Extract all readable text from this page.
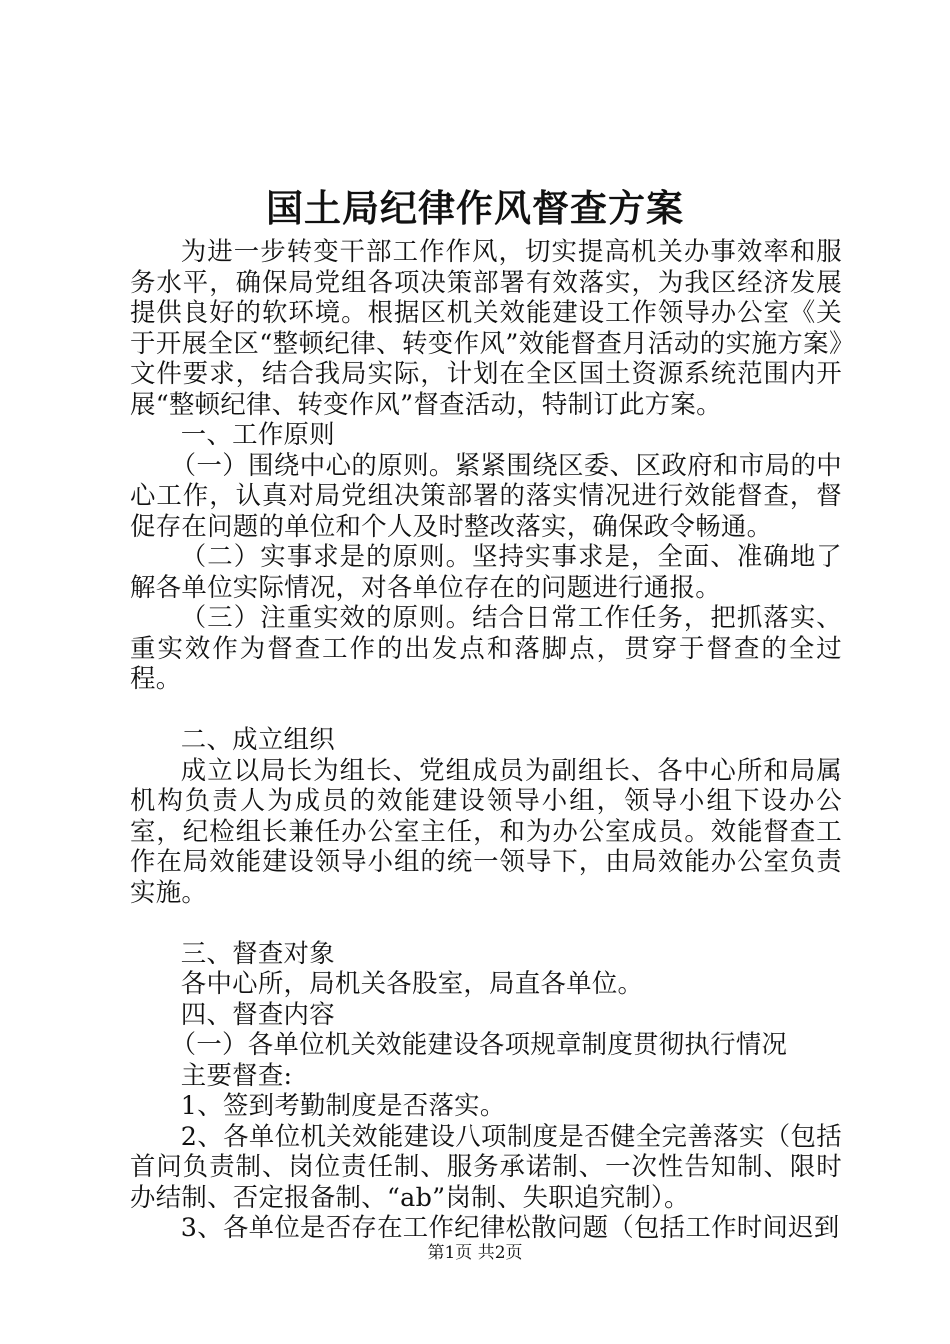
国土局纪律作风督查方案

为进一步转变干部工作作风，切实提高机关办事效率和服务水平，确保局党组各项决策部署有效落实，为我区经济发展提供良好的软环境。根据区机关效能建设工作领导办公室《关于开展全区“整顿纪律、转变作风”效能督查月活动的实施方案》文件要求，结合我局实际，计划在全区国土资源系统范围内开展“整顿纪律、转变作风”督查活动，特制订此方案。

一、工作原则

（一）围绕中心的原则。紧紧围绕区委、区政府和市局的中心工作，认真对局党组决策部署的落实情况进行效能督查，督促存在问题的单位和个人及时整改落实，确保政令畅通。

（二）实事求是的原则。坚持实事求是，全面、准确地了解各单位实际情况，对各单位存在的问题进行通报。

（三）注重实效的原则。结合日常工作任务，把抓落实、重实效作为督查工作的出发点和落脚点，贯穿于督查的全过程。

二、成立组织

成立以局长为组长、党组成员为副组长、各中心所和局属机构负责人为成员的效能建设领导小组，领导小组下设办公室，纪检组长兼任办公室主任，和为办公室成员。效能督查工作在局效能建设领导小组的统一领导下，由局效能办公室负责实施。

三、督查对象

各中心所，局机关各股室，局直各单位。

四、督查内容

（一）各单位机关效能建设各项规章制度贯彻执行情况

主要督查:

1、签到考勤制度是否落实。

2、各单位机关效能建设八项制度是否健全完善落实（包括首问负责制、岗位责任制、服务承诺制、一次性告知制、限时办结制、否定报备制、“ab”岗制、失职追究制）。

3、各单位是否存在工作纪律松散问题（包括工作时间迟到

第1页 共2页
